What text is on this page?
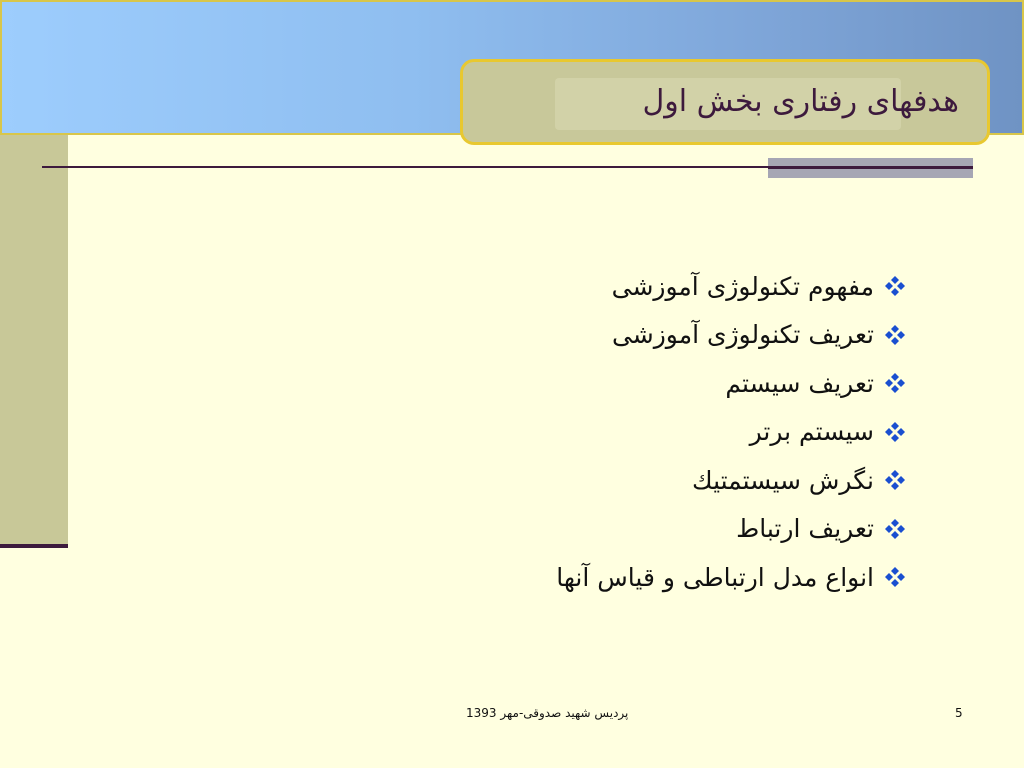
هدفهای رفتاری بخش اول
مفهوم تكنولوژی آموزشی
تعریف تكنولوژی آموزشی
تعریف سیستم
سیستم برتر
نگرش سیستمتیك
تعریف ارتباط
انواع مدل ارتباطی و قیاس آنها
پردیس شهید صدوقی-مهر 1393	5
